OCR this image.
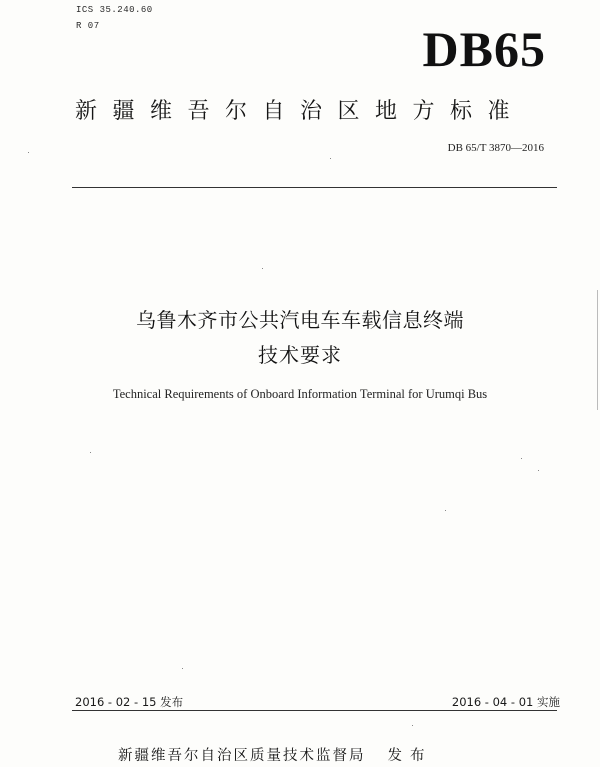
ICS 35.240.60
R 07	DB65
新疆维吾尔自治区地方标准
DB 65/T 3870—2016
乌鲁木齐市公共汽电车车载信息终端
技术要求
Technical Requirements of Onboard Information Terminal for Urumqi Bus
2016 - 02 - 15 发布	2016 - 04 - 01 实施
新疆维吾尔自治区质量技术监督局 发布
